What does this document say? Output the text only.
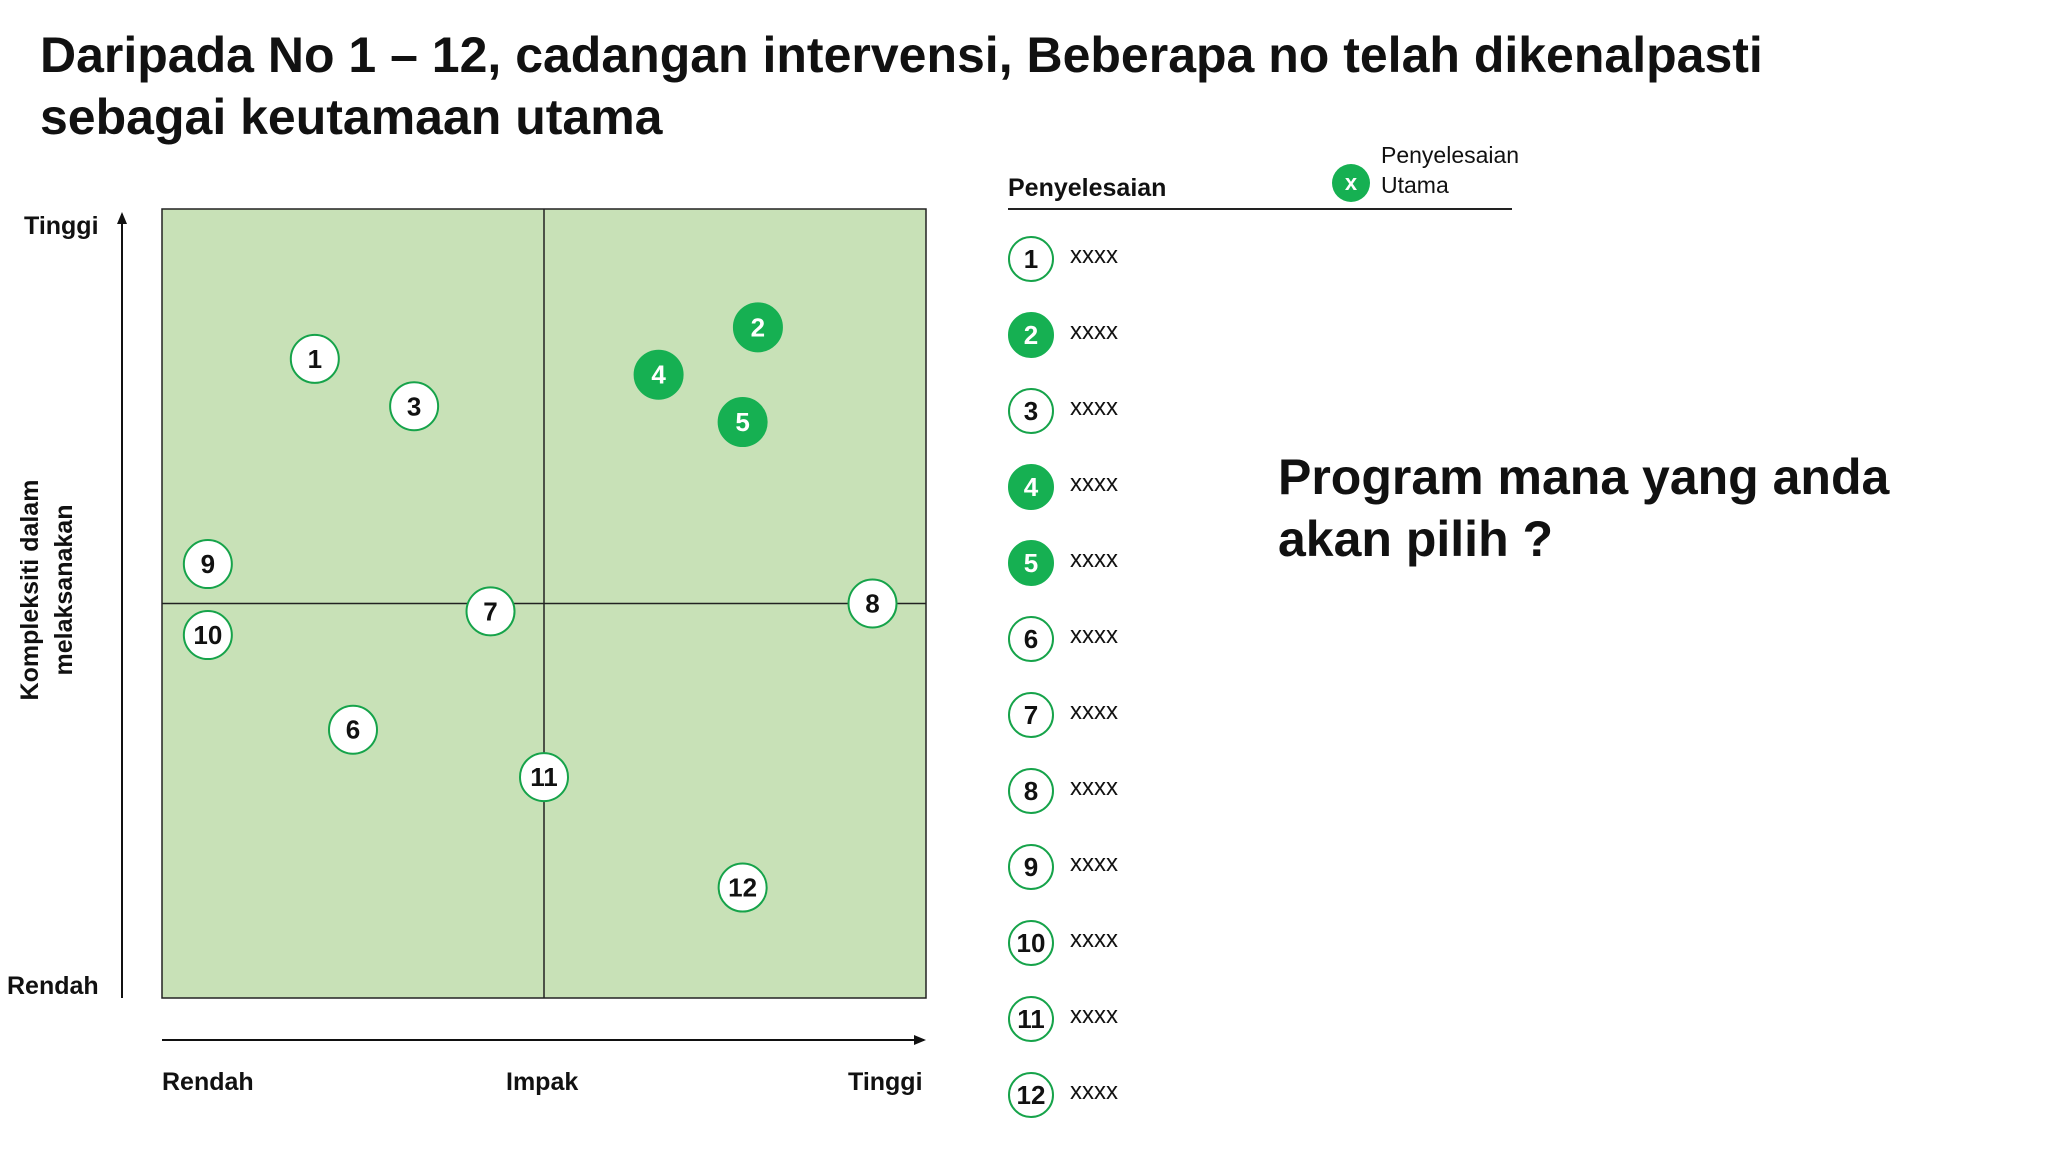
Daripada No 1 – 12, cadangan intervensi, Beberapa no telah dikenalpasti
sebagai keutamaan utama
1
2
3
4
5
6
7	8
9
10
11
12
Tinggi
Rendah
Kompleksiti dalam melaksanakan
Rendah	Impak	Tinggi
Penyelesaian	x
Penyelesaian
Utama
1	xxxx
2	xxxx
3	xxxx
4	xxxx
5	xxxx
6	xxxx
7	xxxx
8	xxxx
9	xxxx
10	xxxx
11	xxxx
12	xxxx
Program mana yang anda
akan pilih ?
